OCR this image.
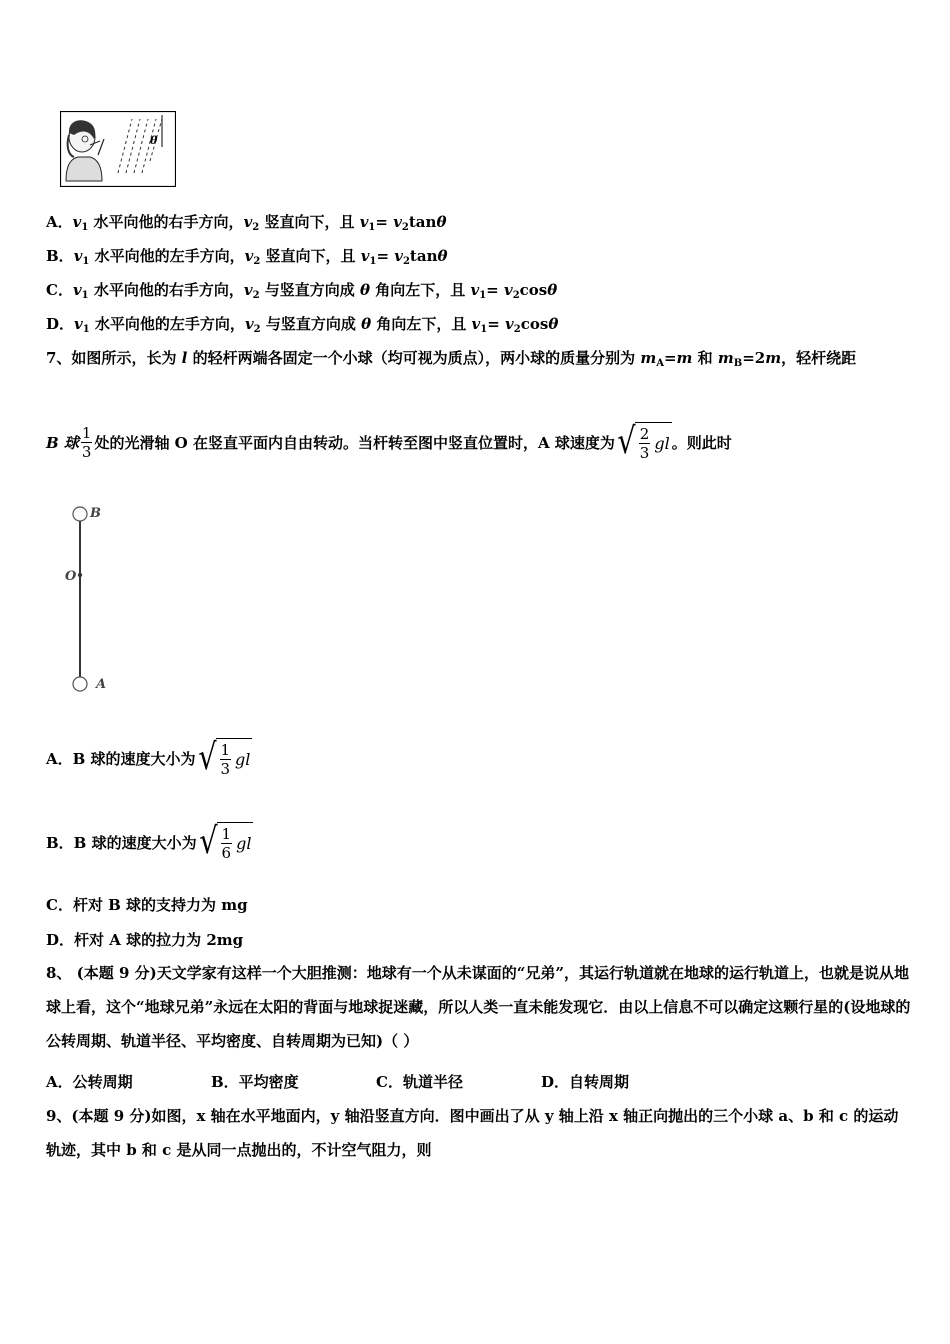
θ
A．$v_1$ 水平向他的右手方向，$v_2$ 竖直向下，且 $v_1= v_2\tan\theta$
B．$v_1$ 水平向他的左手方向，$v_2$ 竖直向下，且 $v_1= v_2\tan\theta$
C．$v_1$ 水平向他的右手方向，$v_2$ 与竖直方向成 θ 角向左下，且 $v_1= v_2\cos\theta$
D．$v_1$ 水平向他的左手方向，$v_2$ 与竖直方向成 θ 角向左下，且 $v_1= v_2\cos\theta$
7、如图所示，长为 l 的轻杆两端各固定一个小球（均可视为质点），两小球的质量分别为 $m_A=m$ 和 $m_B=2m$，轻杆绕距
B 球 $\frac{1}{3}$ 处的光滑轴 O 在竖直平面内自由转动。当杆转至图中竖直位置时，A 球速度为 √ $\frac{2}{3}$ gl 。则此时
B
O
A
A．B 球的速度大小为 √ $\frac{1}{3}$ gl
B．B 球的速度大小为 √ $\frac{1}{6}$ gl
C．杆对 B 球的支持力为 mg
D．杆对 A 球的拉力为 2mg
8、 (本题 9 分)天文学家有这样一个大胆推测：地球有一个从未谋面的“兄弟”，其运行轨道就在地球的运行轨道上，也就是说从地球上看，这个“地球兄弟”永远在太阳的背面与地球捉迷藏，所以人类一直未能发现它．由以上信息不可以确定这颗行星的(设地球的公转周期、轨道半径、平均密度、自转周期为已知)（ ）
A．公转周期	B．平均密度	C．轨道半径	D．自转周期
9、(本题 9 分)如图，x 轴在水平地面内，y 轴沿竖直方向．图中画出了从 y 轴上沿 x 轴正向抛出的三个小球 a、b 和 c 的运动轨迹，其中 b 和 c 是从同一点抛出的，不计空气阻力，则
